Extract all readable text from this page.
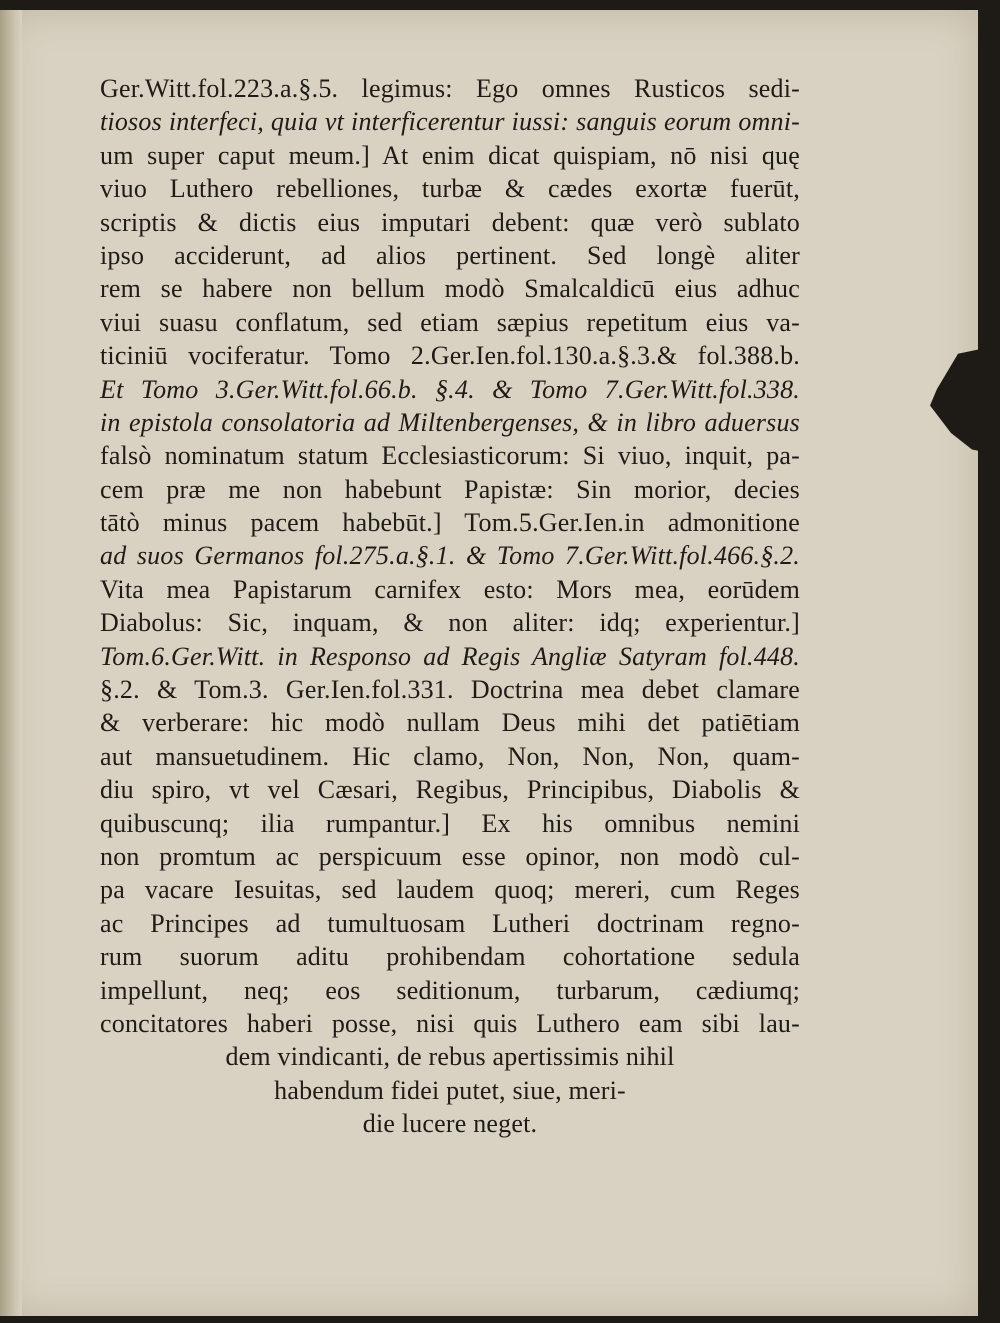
Ger.Witt.fol.223.a.§.5. legimus: Ego omnes Rusticos sedi-
tiosos interfeci, quia vt interficerentur iussi: sanguis eorum omni-
um super caput meum.] At enim dicat quispiam, nō nisi quę
viuo Luthero rebelliones, turbæ & cædes exortæ fuerūt,
scriptis & dictis eius imputari debent: quæ verò sublato
ipso acciderunt, ad alios pertinent. Sed longè aliter
rem se habere non bellum modò Smalcaldicū eius adhuc
viui suasu conflatum, sed etiam sæpius repetitum eius va-
ticiniū vociferatur. Tomo 2.Ger.Ien.fol.130.a.§.3.& fol.388.b.
Et Tomo 3.Ger.Witt.fol.66.b. §.4. & Tomo 7.Ger.Witt.fol.338.
in epistola consolatoria ad Miltenbergenses, & in libro aduersus
falsò nominatum statum Ecclesiasticorum: Si viuo, inquit, pa-
cem præ me non habebunt Papistæ: Sin morior, decies
tātò minus pacem habebūt.] Tom.5.Ger.Ien.in admonitione
ad suos Germanos fol.275.a.§.1. & Tomo 7.Ger.Witt.fol.466.§.2.
Vita mea Papistarum carnifex esto: Mors mea, eorūdem
Diabolus: Sic, inquam, & non aliter: idq; experientur.]
Tom.6.Ger.Witt. in Responso ad Regis Angliæ Satyram fol.448.
§.2. & Tom.3. Ger.Ien.fol.331. Doctrina mea debet clamare
& verberare: hic modò nullam Deus mihi det patiētiam
aut mansuetudinem. Hic clamo, Non, Non, Non, quam-
diu spiro, vt vel Cæsari, Regibus, Principibus, Diabolis &
quibuscunq; ilia rumpantur.] Ex his omnibus nemini
non promtum ac perspicuum esse opinor, non modò cul-
pa vacare Iesuitas, sed laudem quoq; mereri, cum Reges
ac Principes ad tumultuosam Lutheri doctrinam regno-
rum suorum aditu prohibendam cohortatione sedula
impellunt, neq; eos seditionum, turbarum, cædiumq;
concitatores haberi posse, nisi quis Luthero eam sibi lau-
dem vindicanti, de rebus apertissimis nihil
habendum fidei putet, siue, meri-
die lucere neget.
